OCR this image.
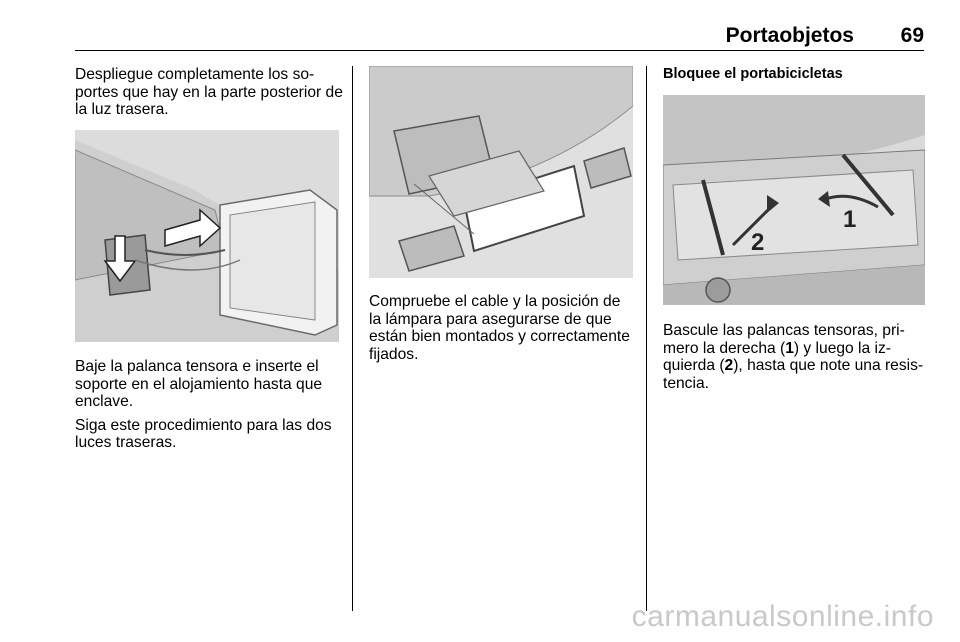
Portaobjetos 69

Despliegue completamente los so-portes que hay en la parte posterior de la luz trasera.

Baje la palanca tensora e inserte el soporte en el alojamiento hasta que enclave.

Siga este procedimiento para las dos luces traseras.

Compruebe el cable y la posición de la lámpara para asegurarse de que están bien montados y correctamente fijados.

Bloquee el portabicicletas

1
2

Bascule las palancas tensoras, pri-mero la derecha (1) y luego la iz-quierda (2), hasta que note una resis-tencia.

carmanualsonline.info
